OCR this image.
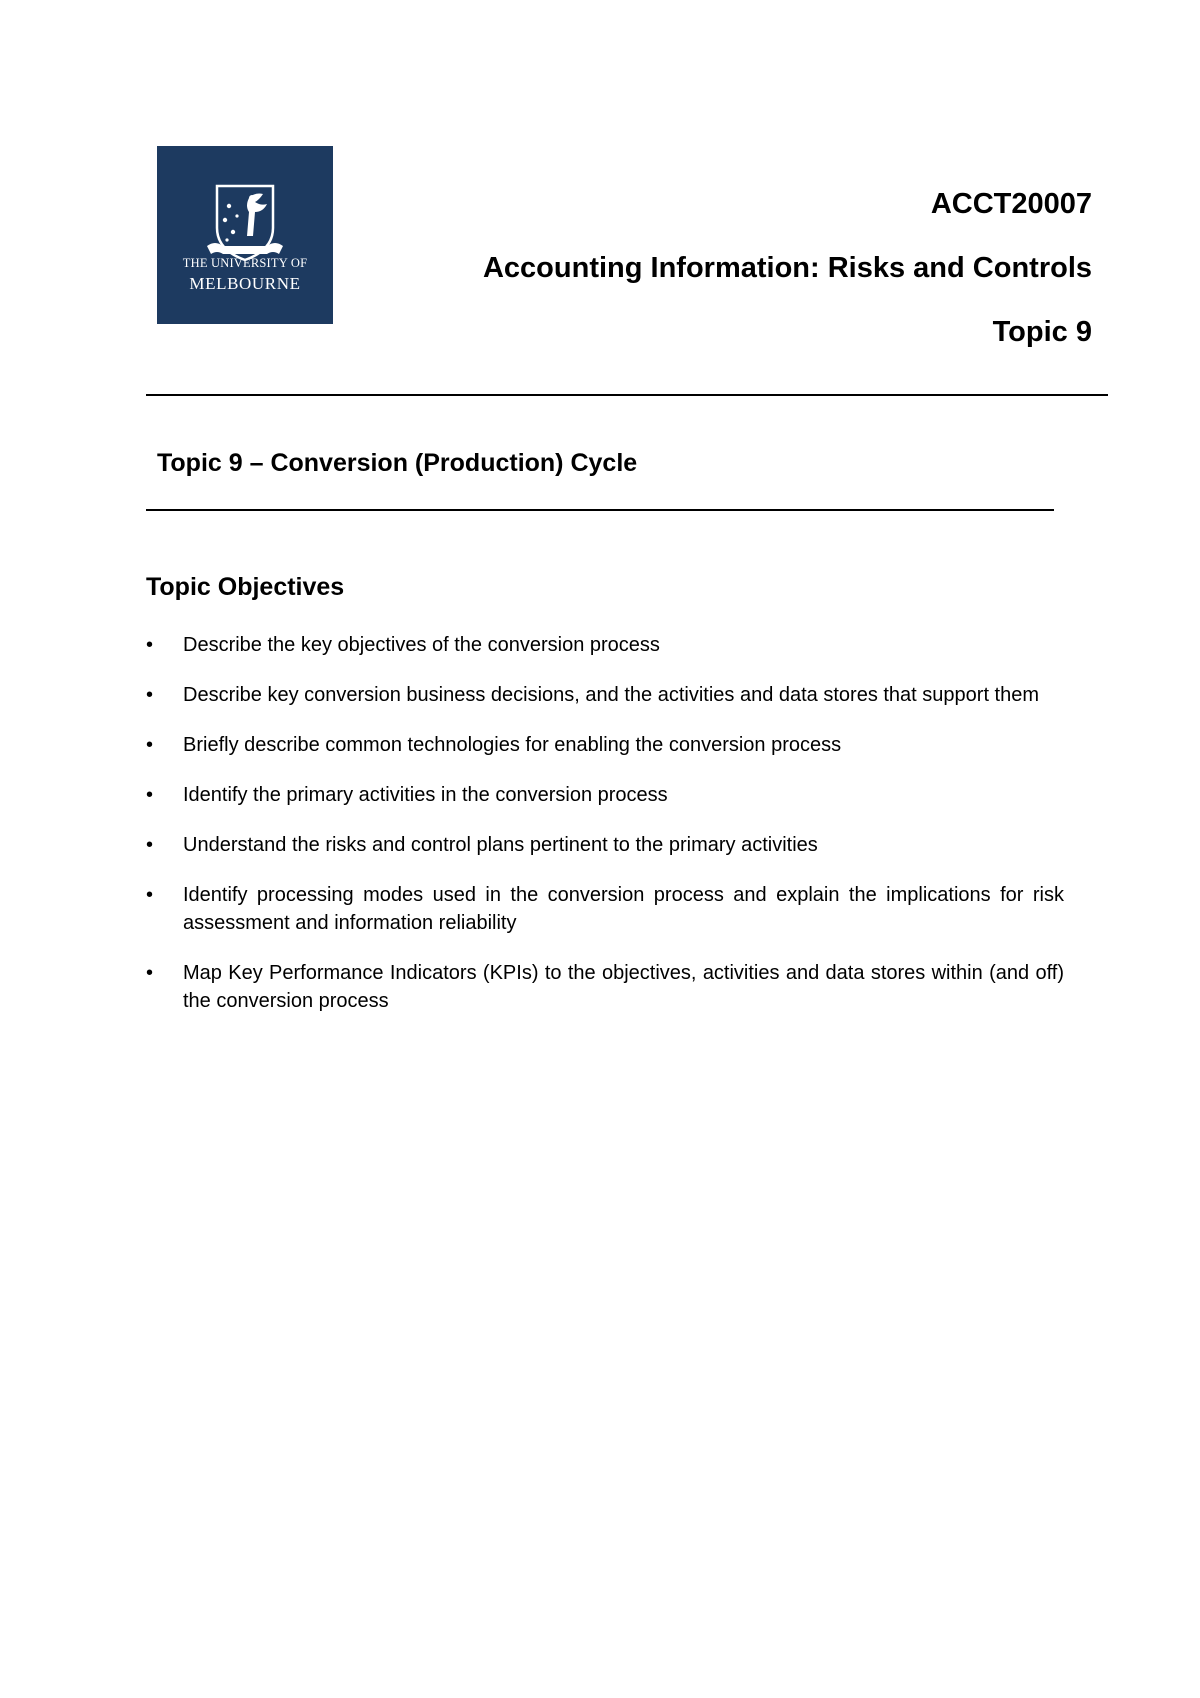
THE UNIVERSITY OF
MELBOURNE
ACCT20007
Accounting Information: Risks and Controls
Topic 9
Topic 9 – Conversion (Production) Cycle
Topic Objectives
•	Describe the key objectives of the conversion process
•	Describe key conversion business decisions, and the activities and data stores that support them
•	Briefly describe common technologies for enabling the conversion process
•	Identify the primary activities in the conversion process
•	Understand the risks and control plans pertinent to the primary activities
•	Identify processing modes used in the conversion process and explain the implications for risk assessment and information reliability
•	Map Key Performance Indicators (KPIs) to the objectives, activities and data stores within (and off) the conversion process
